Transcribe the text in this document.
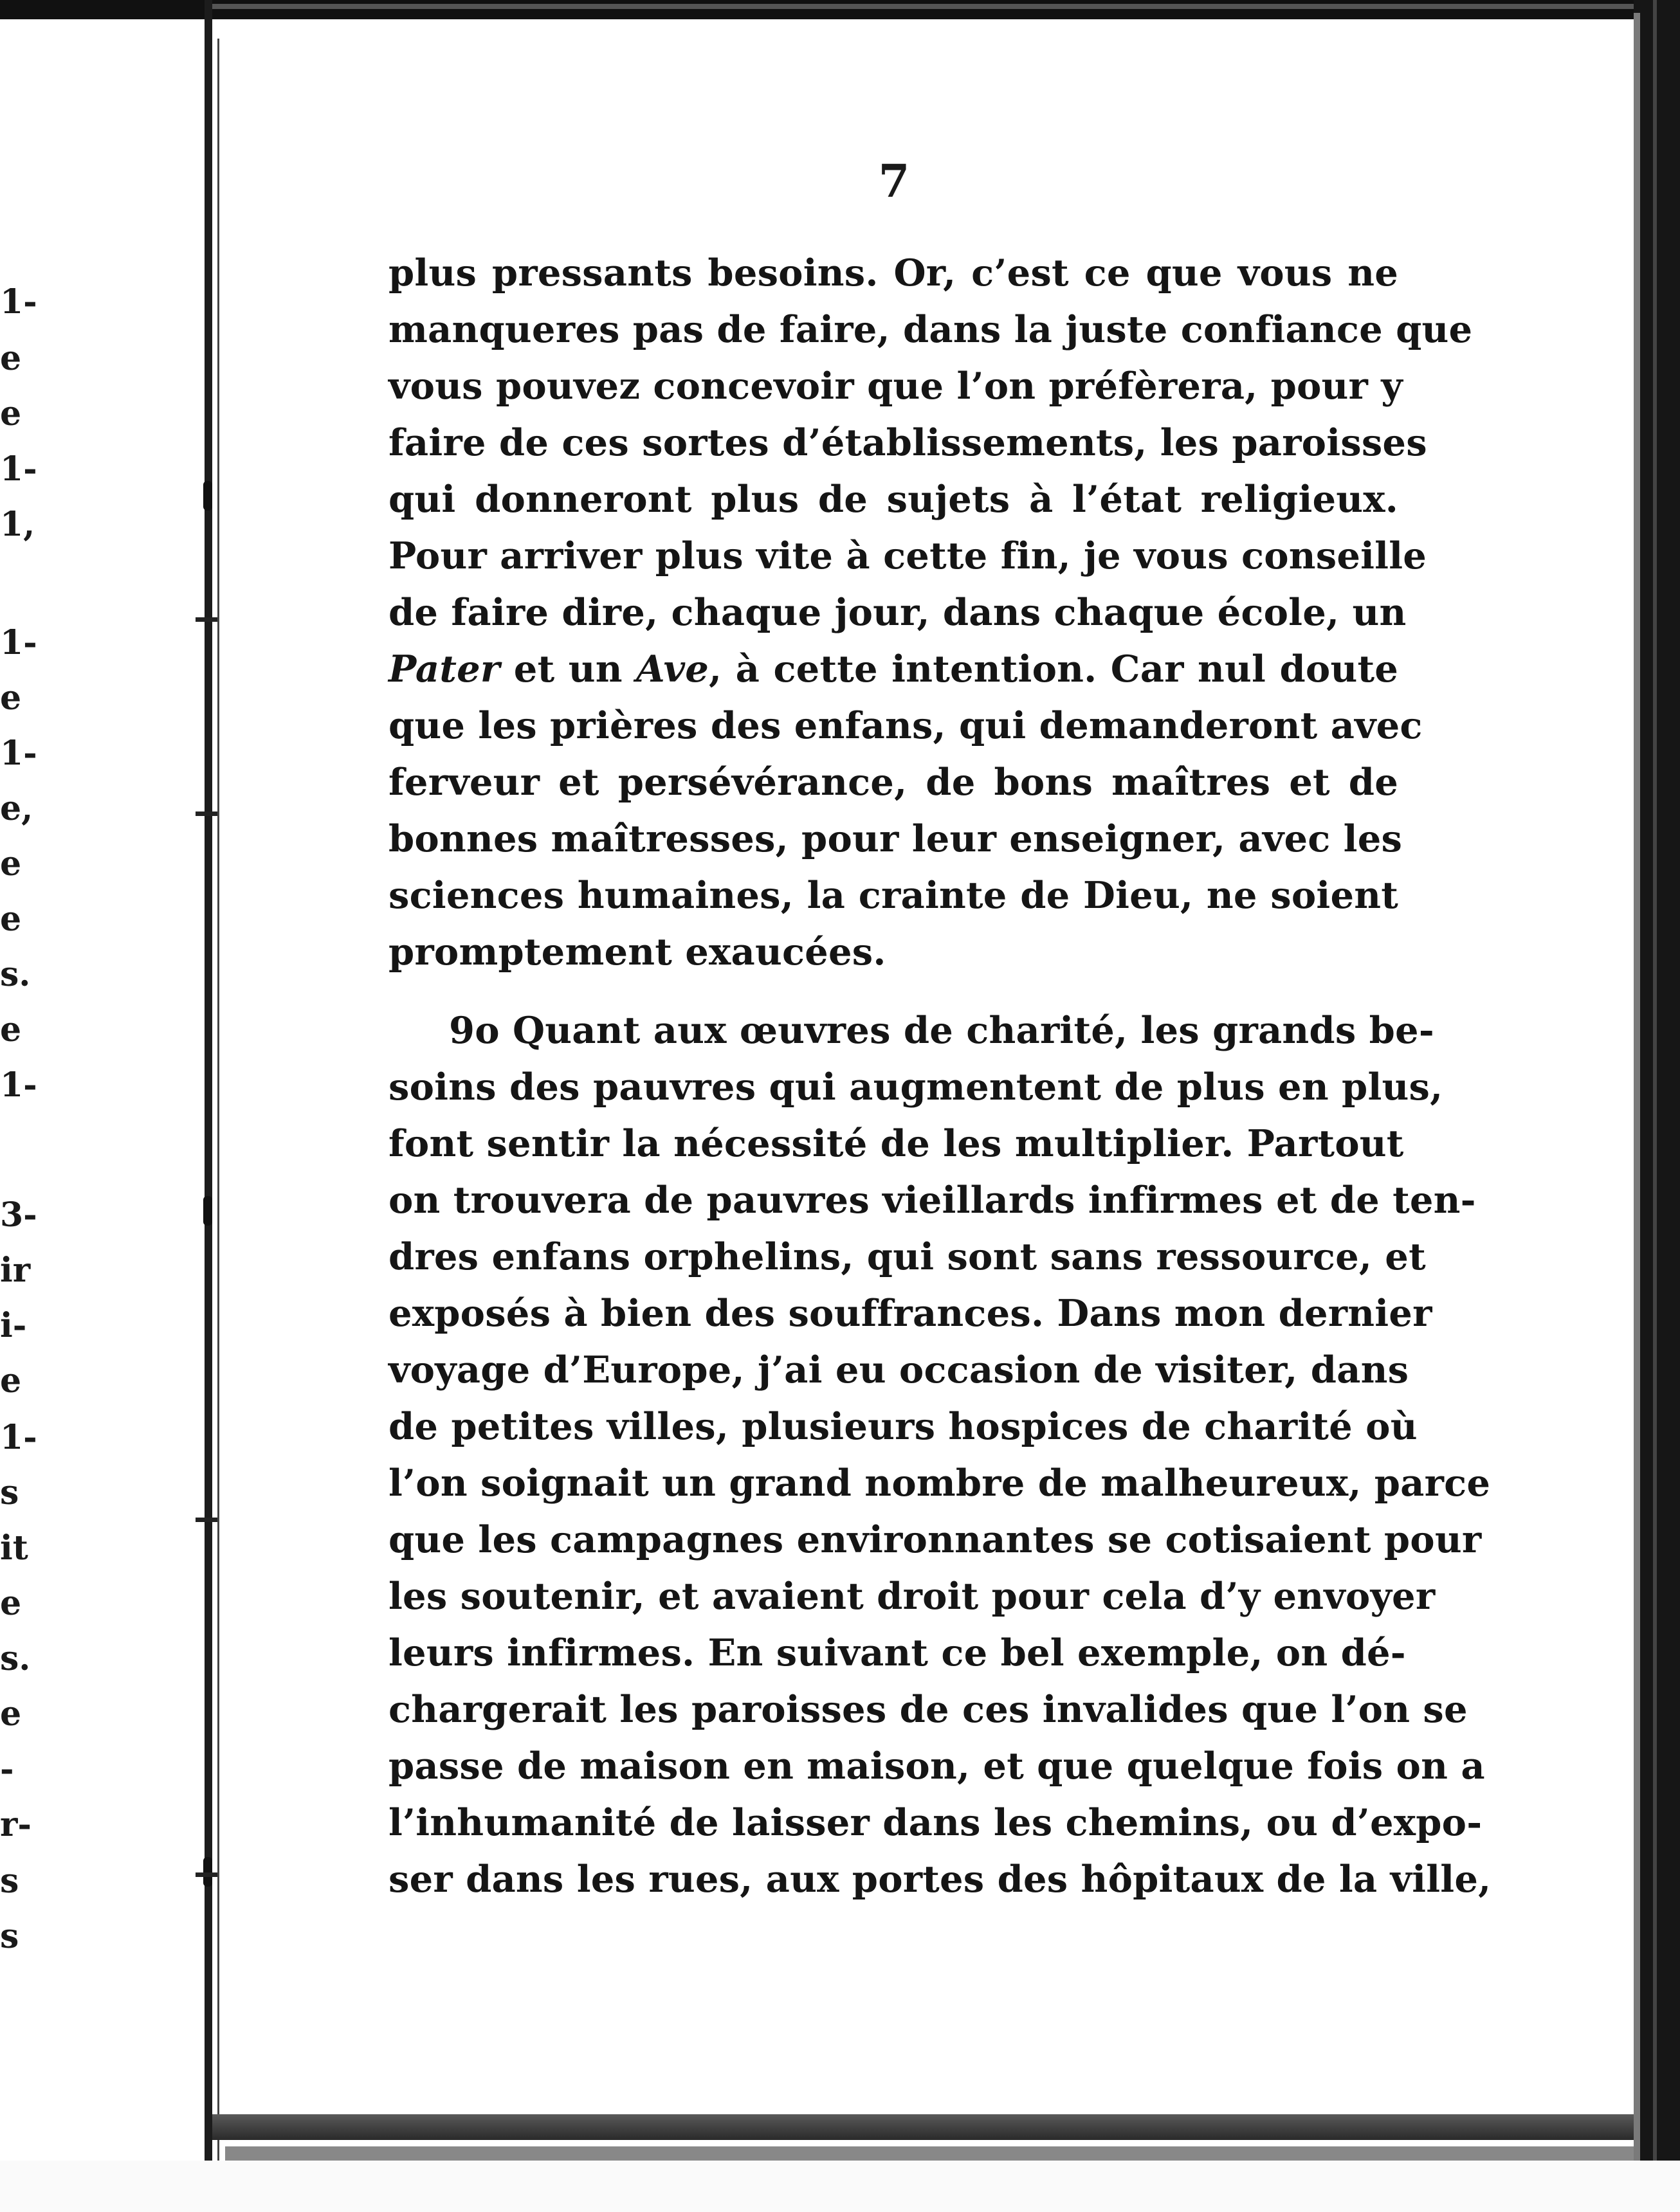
1-
e
e
1-
1,
1-
e
1-
e,
e
e
s.
e
1-
3-
ir
i-
e
1-
s
it
e
s.
e
-
r-
s
s
7
plus pressants besoins. Or, c’est ce que vous ne
manqueres pas de faire, dans la juste confiance que
vous pouvez concevoir que l’on préfèrera, pour y
faire de ces sortes d’établissements, les paroisses
qui donneront plus de sujets à l’état religieux.
Pour arriver plus vite à cette fin, je vous conseille
de faire dire, chaque jour, dans chaque école, un
Pater et un Ave, à cette intention. Car nul doute
que les prières des enfans, qui demanderont avec
ferveur et persévérance, de bons maîtres et de
bonnes maîtresses, pour leur enseigner, avec les
sciences humaines, la crainte de Dieu, ne soient
promptement exaucées.
9o Quant aux œuvres de charité, les grands be-
soins des pauvres qui augmentent de plus en plus,
font sentir la nécessité de les multiplier. Partout
on trouvera de pauvres vieillards infirmes et de ten-
dres enfans orphelins, qui sont sans ressource, et
exposés à bien des souffrances. Dans mon dernier
voyage d’Europe, j’ai eu occasion de visiter, dans
de petites villes, plusieurs hospices de charité où
l’on soignait un grand nombre de malheureux, parce
que les campagnes environnantes se cotisaient pour
les soutenir, et avaient droit pour cela d’y envoyer
leurs infirmes. En suivant ce bel exemple, on dé-
chargerait les paroisses de ces invalides que l’on se
passe de maison en maison, et que quelque fois on a
l’inhumanité de laisser dans les chemins, ou d’expo-
ser dans les rues, aux portes des hôpitaux de la ville,
